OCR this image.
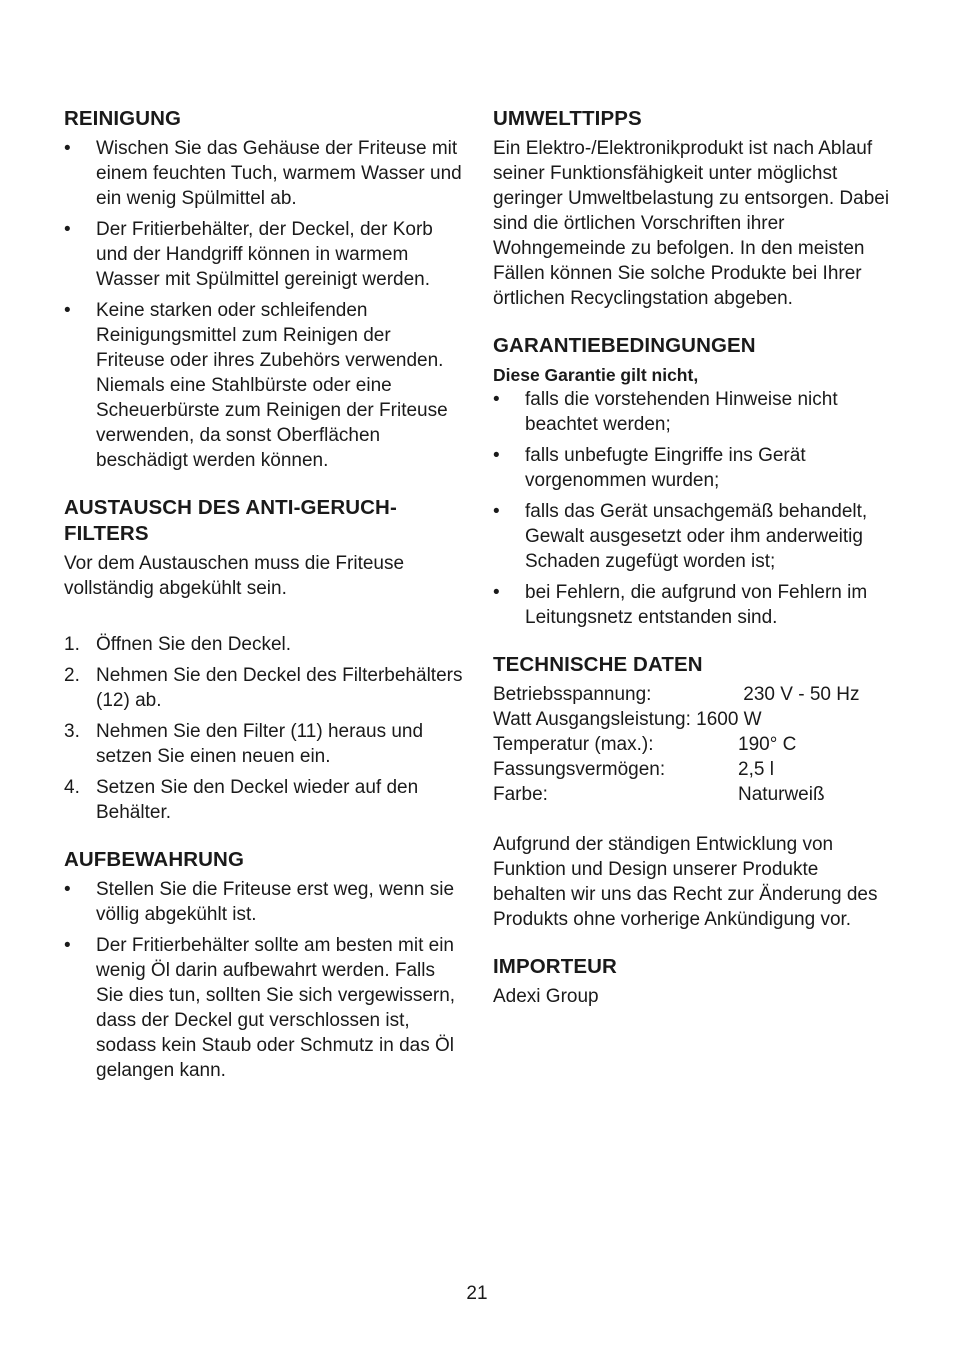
REINIGUNG
•	Wischen Sie das Gehäuse der Friteuse mit einem feuchten Tuch, warmem Wasser und ein wenig Spülmittel ab.
•	Der Fritierbehälter, der Deckel, der Korb und der Handgriff können in warmem Wasser mit Spülmittel gereinigt werden.
•	Keine starken oder schleifenden Reinigungsmittel zum Reinigen der Friteuse oder ihres Zubehörs verwenden. Niemals eine Stahlbürste oder eine Scheuerbürste zum Reinigen der Friteuse verwenden, da sonst Oberflächen beschädigt werden können.
AUSTAUSCH DES ANTI-GERUCH-
FILTERS

Vor dem Austauschen muss die Friteuse vollständig abgekühlt sein.

1. Öffnen Sie den Deckel.
2. Nehmen Sie den Deckel des Filterbehälters (12) ab.
3. Nehmen Sie den Filter (11) heraus und setzen Sie einen neuen ein.
4. Setzen Sie den Deckel wieder auf den Behälter.
AUFBEWAHRUNG
•	Stellen Sie die Friteuse erst weg, wenn sie völlig abgekühlt ist.
•	Der Fritierbehälter sollte am besten mit ein wenig Öl darin aufbewahrt werden. Falls Sie dies tun, sollten Sie sich vergewissern, dass der Deckel gut verschlossen ist, sodass kein Staub oder Schmutz in das Öl gelangen kann.
UMWELTTIPPS

Ein Elektro-/Elektronikprodukt ist nach Ablauf seiner Funktionsfähigkeit unter möglichst geringer Umweltbelastung zu entsorgen. Dabei sind die örtlichen Vorschriften ihrer Wohngemeinde zu befolgen. In den meisten Fällen können Sie solche Produkte bei Ihrer örtlichen Recyclingstation abgeben.

GARANTIEBEDINGUNGEN

Diese Garantie gilt nicht,

•	falls die vorstehenden Hinweise nicht beachtet werden;
•	falls unbefugte Eingriffe ins Gerät vorgenommen wurden;
•	falls das Gerät unsachgemäß behandelt, Gewalt ausgesetzt oder ihm anderweitig Schaden zugefügt worden ist;
•	bei Fehlern, die aufgrund von Fehlern im Leitungsnetz entstanden sind.
TECHNISCHE DATEN
Betriebsspannung:	230 V - 50 Hz
Watt Ausgangsleistung: 1600 W	
Temperatur (max.):	190° C
Fassungsvermögen:	2,5 l
Farbe:	Naturweiß

Aufgrund der ständigen Entwicklung von Funktion und Design unserer Produkte behalten wir uns das Recht zur Änderung des Produkts ohne vorherige Ankündigung vor.

IMPORTEUR

Adexi Group

21
